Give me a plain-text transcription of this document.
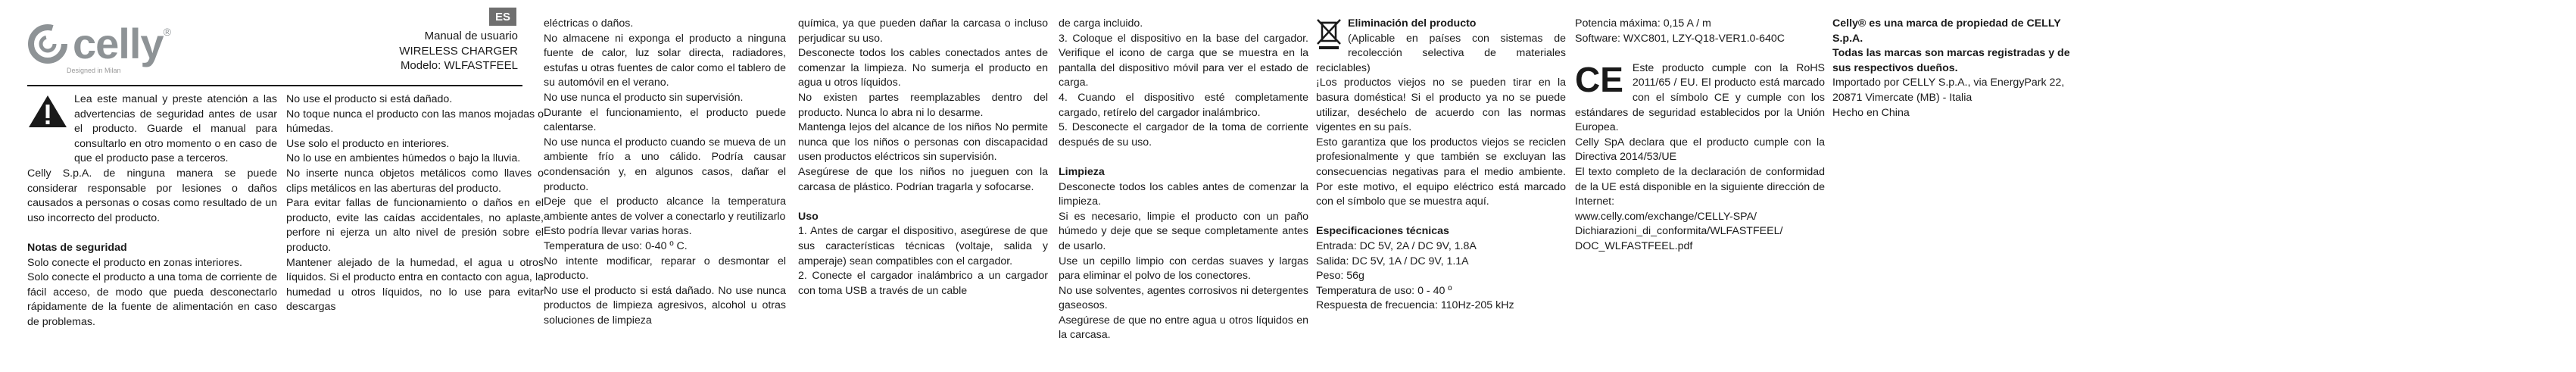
celly ®
Designed in Milan
ES
Manual de usuario
WIRELESS CHARGER
Modelo: WLFASTFEEL

Lea este manual y preste atención a las advertencias de seguridad antes de usar el producto. Guarde el manual para consultarlo en otro momento o en caso de que el producto pase a terceros.

Celly S.p.A. de ninguna manera se puede considerar responsable por lesiones o daños causados a personas o cosas como resultado de un uso incorrecto del producto.

Notas de seguridad

Solo conecte el producto en zonas interiores.

Solo conecte el producto a una toma de corriente de fácil acceso, de modo que pueda desconectarlo rápidamente de la fuente de alimentación en caso de problemas.

No use el producto si está dañado.

No toque nunca el producto con las manos mojadas o húmedas.

Use solo el producto en interiores.

No lo use en ambientes húmedos o bajo la lluvia.

No inserte nunca objetos metálicos como llaves o clips metálicos en las aberturas del producto.

Para evitar fallas de funcionamiento o daños en el producto, evite las caídas accidentales, no aplaste, perfore ni ejerza un alto nivel de presión sobre el producto.

Mantener alejado de la humedad, el agua u otros líquidos. Si el producto entra en contacto con agua, la humedad u otros líquidos, no lo use para evitar descargas

eléctricas o daños.

No almacene ni exponga el producto a ninguna fuente de calor, luz solar directa, radiadores, estufas u otras fuentes de calor como el tablero de su automóvil en el verano.

No use nunca el producto sin supervisión.

Durante el funcionamiento, el producto puede calentarse.

No use nunca el producto cuando se mueva de un ambiente frío a uno cálido. Podría causar condensación y, en algunos casos, dañar el producto.

Deje que el producto alcance la temperatura ambiente antes de volver a conectarlo y reutilizarlo

Esto podría llevar varias horas.

Temperatura de uso: 0-40 º C.

No intente modificar, reparar o desmontar el producto.

No use el producto si está dañado. No use nunca productos de limpieza agresivos, alcohol u otras soluciones de limpieza

química, ya que pueden dañar la carcasa o incluso perjudicar su uso.

Desconecte todos los cables conectados antes de comenzar la limpieza. No sumerja el producto en agua u otros líquidos.

No existen partes reemplazables dentro del producto. Nunca lo abra ni lo desarme.

Mantenga lejos del alcance de los niños No permite nunca que los niños o personas con discapacidad usen productos eléctricos sin supervisión.

Asegúrese de que los niños no jueguen con la carcasa de plástico. Podrían tragarla y sofocarse.

Uso

1. Antes de cargar el dispositivo, asegúrese de que sus características técnicas (voltaje, salida y amperaje) sean compatibles con el cargador.

2. Conecte el cargador inalámbrico a un cargador con toma USB a través de un cable

de carga incluido.

3. Coloque el dispositivo en la base del cargador. Verifique el icono de carga que se muestra en la pantalla del dispositivo móvil para ver el estado de carga.

4. Cuando el dispositivo esté completamente cargado, retírelo del cargador inalámbrico.

5. Desconecte el cargador de la toma de corriente después de su uso.

Limpieza

Desconecte todos los cables antes de comenzar la limpieza.

Si es necesario, limpie el producto con un paño húmedo y deje que se seque completamente antes de usarlo.

Use un cepillo limpio con cerdas suaves y largas para eliminar el polvo de los conectores.

No use solventes, agentes corrosivos ni detergentes gaseosos.

Asegúrese de que no entre agua u otros líquidos en la carcasa.

Eliminación del producto

(Aplicable en países con sistemas de recolección selectiva de materiales reciclables)

¡Los productos viejos no se pueden tirar en la basura doméstica! Si el producto ya no se puede utilizar, deséchelo de acuerdo con las normas vigentes en su país.

Esto garantiza que los productos viejos se reciclen profesionalmente y que también se excluyan las consecuencias negativas para el medio ambiente. Por este motivo, el equipo eléctrico está marcado con el símbolo que se muestra aquí.

Especificaciones técnicas

Entrada: DC 5V, 2A / DC 9V, 1.8A

Salida: DC 5V, 1A / DC 9V, 1.1A

Peso: 56g

Temperatura de uso: 0 - 40 º

Respuesta de frecuencia: 110Hz-205 kHz

Potencia máxima: 0,15 A / m

Software: WXC801, LZY-Q18-VER1.0-640C

CE Este producto cumple con la RoHS 2011/65 / EU. El producto está marcado con el símbolo CE y cumple con los estándares de seguridad establecidos por la Unión Europea.

Celly SpA declara que el producto cumple con la Directiva 2014/53/UE

El texto completo de la declaración de conformidad de la UE está disponible en la siguiente dirección de Internet:

www.celly.com/exchange/CELLY-SPA/ Dichiarazioni_di_conformita/WLFASTFEEL/ DOC_WLFASTFEEL.pdf

Celly® es una marca de propiedad de CELLY S.p.A.

Todas las marcas son marcas registradas y de sus respectivos dueños.

Importado por CELLY S.p.A., via EnergyPark 22,

20871 Vimercate (MB) - Italia

Hecho en China
